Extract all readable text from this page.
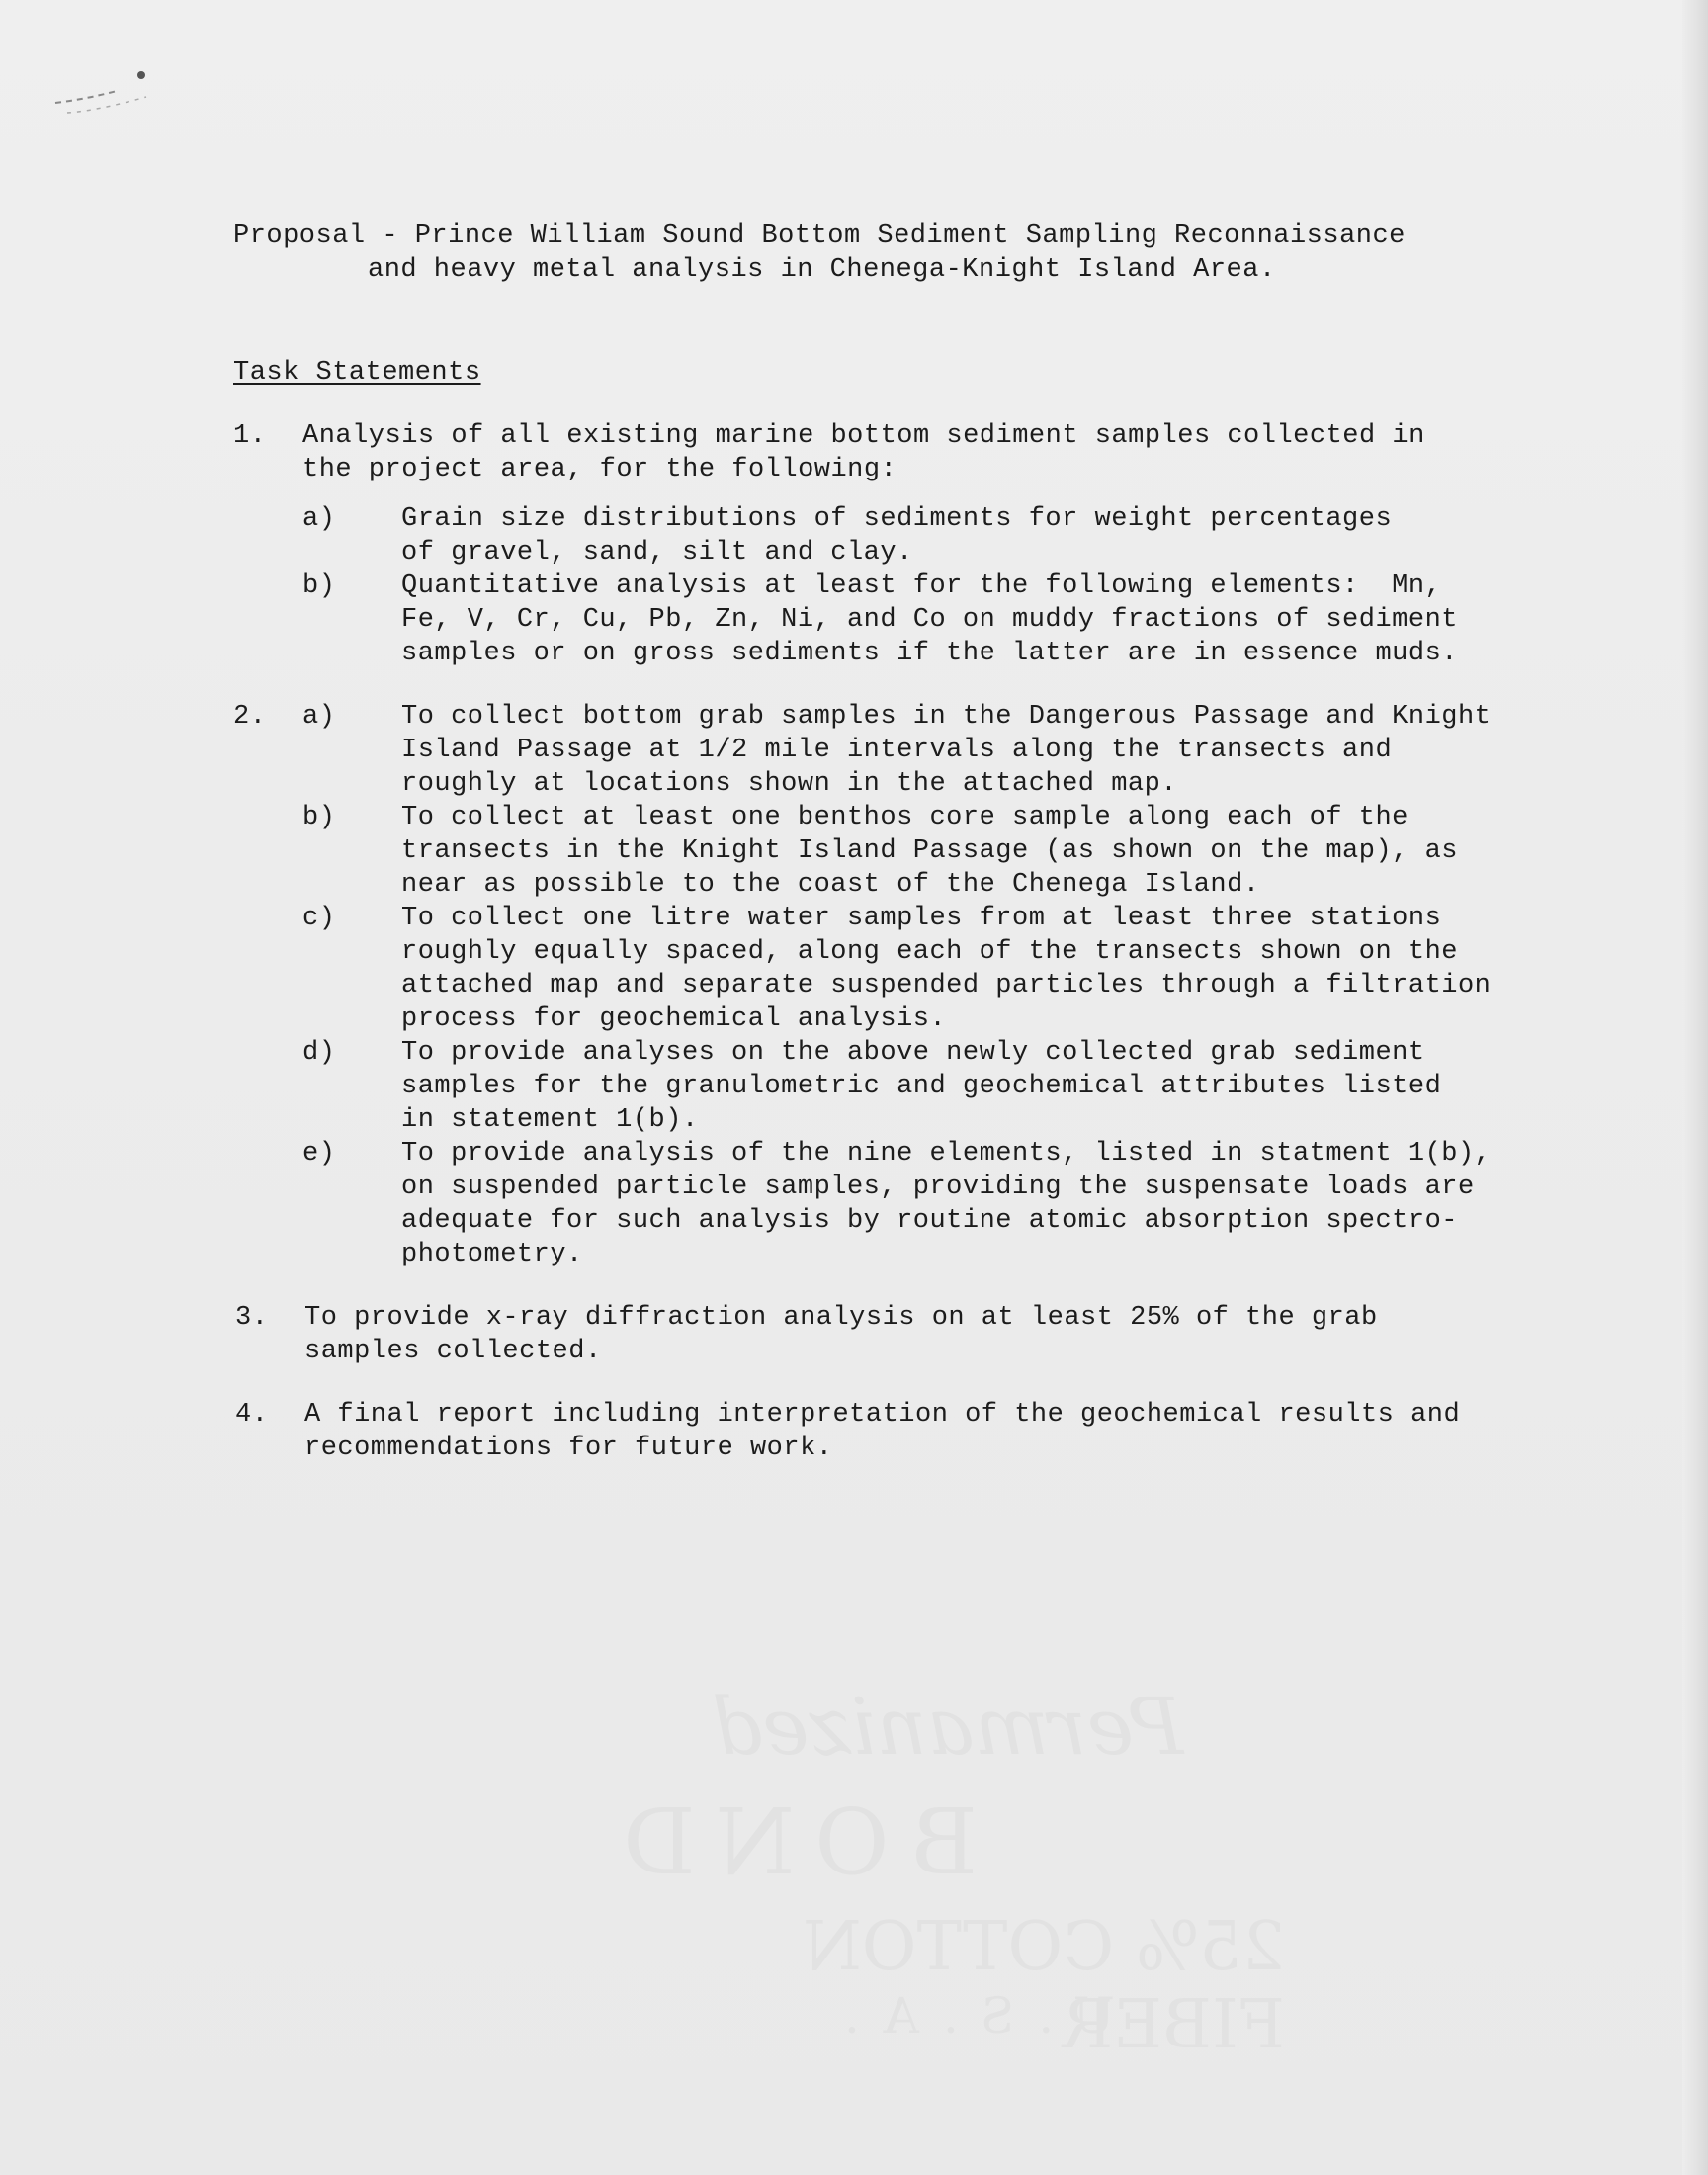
Permanized
BOND
25% COTTON FIBER
U.S.A.
Proposal - Prince William Sound Bottom Sediment Sampling Reconnaissance
and heavy metal analysis in Chenega-Knight Island Area.
Task Statements
1. Analysis of all existing marine bottom sediment samples collected in
the project area, for the following:
a) Grain size distributions of sediments for weight percentages
of gravel, sand, silt and clay.
b) Quantitative analysis at least for the following elements:  Mn,
Fe, V, Cr, Cu, Pb, Zn, Ni, and Co on muddy fractions of sediment
samples or on gross sediments if the latter are in essence muds.
2. a) To collect bottom grab samples in the Dangerous Passage and Knight
Island Passage at 1/2 mile intervals along the transects and
roughly at locations shown in the attached map.
b) To collect at least one benthos core sample along each of the
transects in the Knight Island Passage (as shown on the map), as
near as possible to the coast of the Chenega Island.
c) To collect one litre water samples from at least three stations
roughly equally spaced, along each of the transects shown on the
attached map and separate suspended particles through a filtration
process for geochemical analysis.
d) To provide analyses on the above newly collected grab sediment
samples for the granulometric and geochemical attributes listed
in statement 1(b).
e) To provide analysis of the nine elements, listed in statment 1(b),
on suspended particle samples, providing the suspensate loads are
adequate for such analysis by routine atomic absorption spectro-
photometry.
3. To provide x-ray diffraction analysis on at least 25% of the grab
samples collected.
4. A final report including interpretation of the geochemical results and
recommendations for future work.
